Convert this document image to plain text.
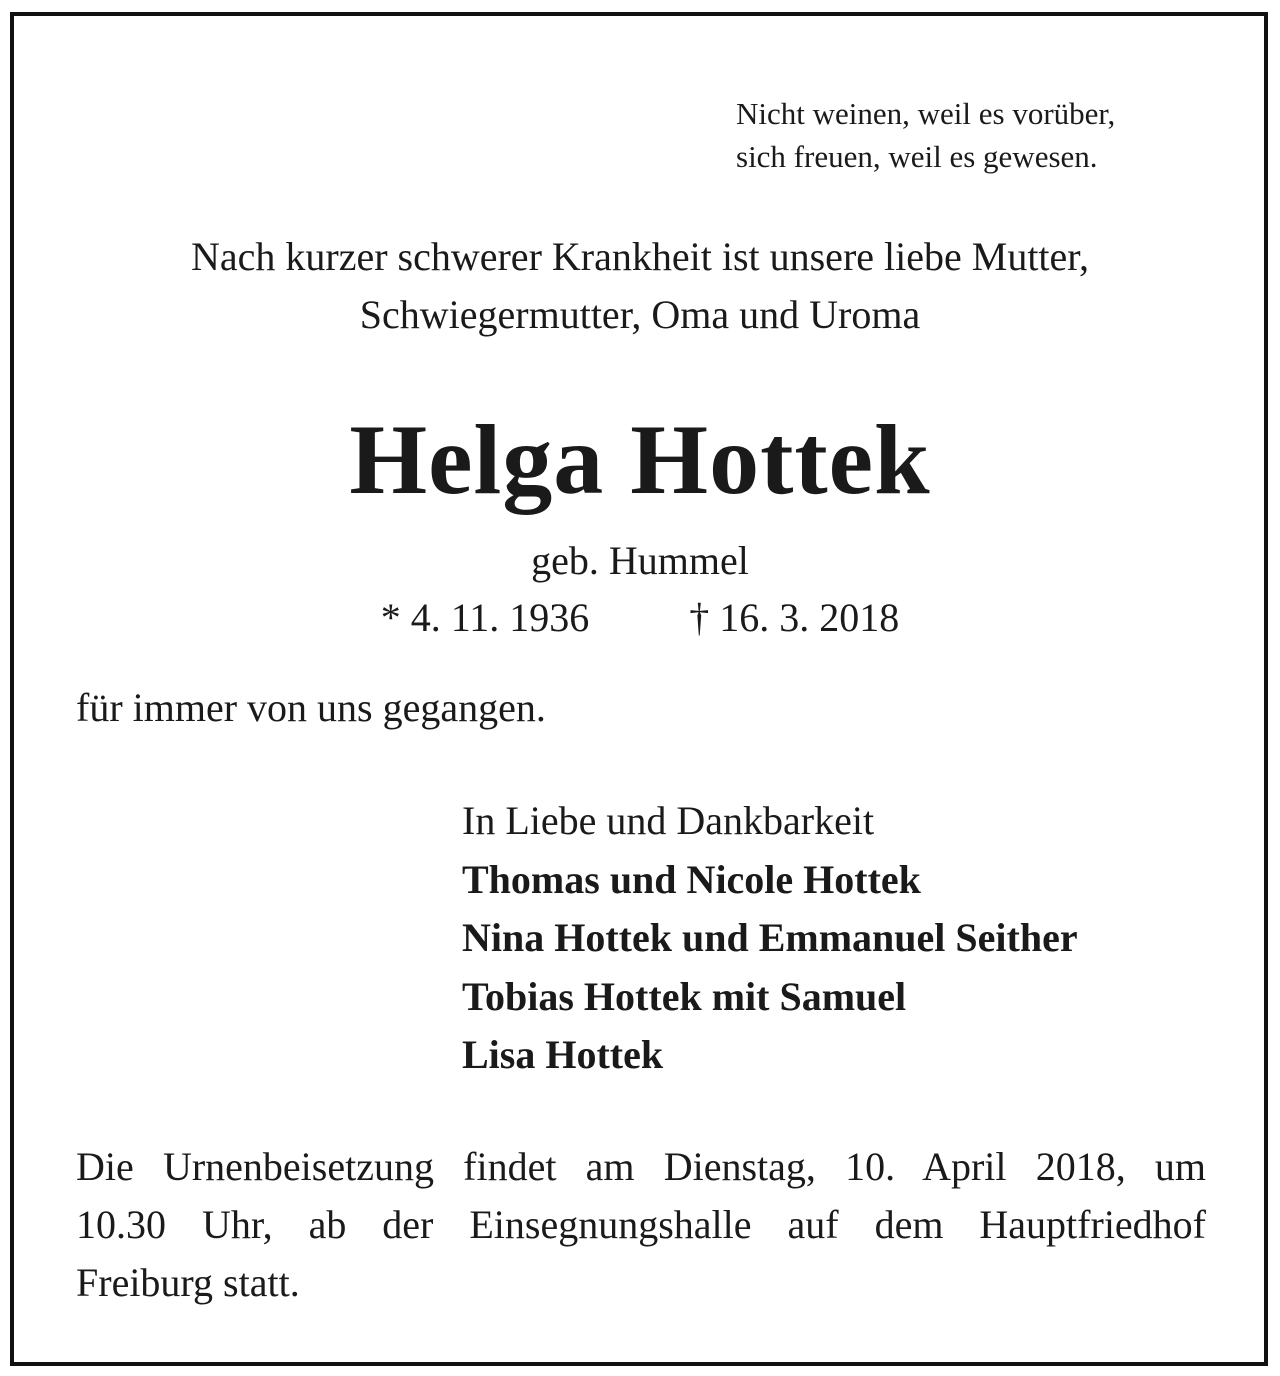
Nicht weinen, weil es vorüber,
sich freuen, weil es gewesen.
Nach kurzer schwerer Krankheit ist unsere liebe Mutter,
Schwiegermutter, Oma und Uroma
Helga Hottek
geb. Hummel
* 4. 11. 1936	† 16. 3. 2018
für immer von uns gegangen.
In Liebe und Dankbarkeit
Thomas und Nicole Hottek
Nina Hottek und Emmanuel Seither
Tobias Hottek mit Samuel
Lisa Hottek
Die Urnenbeisetzung findet am Dienstag, 10. April 2018, um
10.30 Uhr, ab der Einsegnungshalle auf dem Hauptfriedhof
Freiburg statt.
